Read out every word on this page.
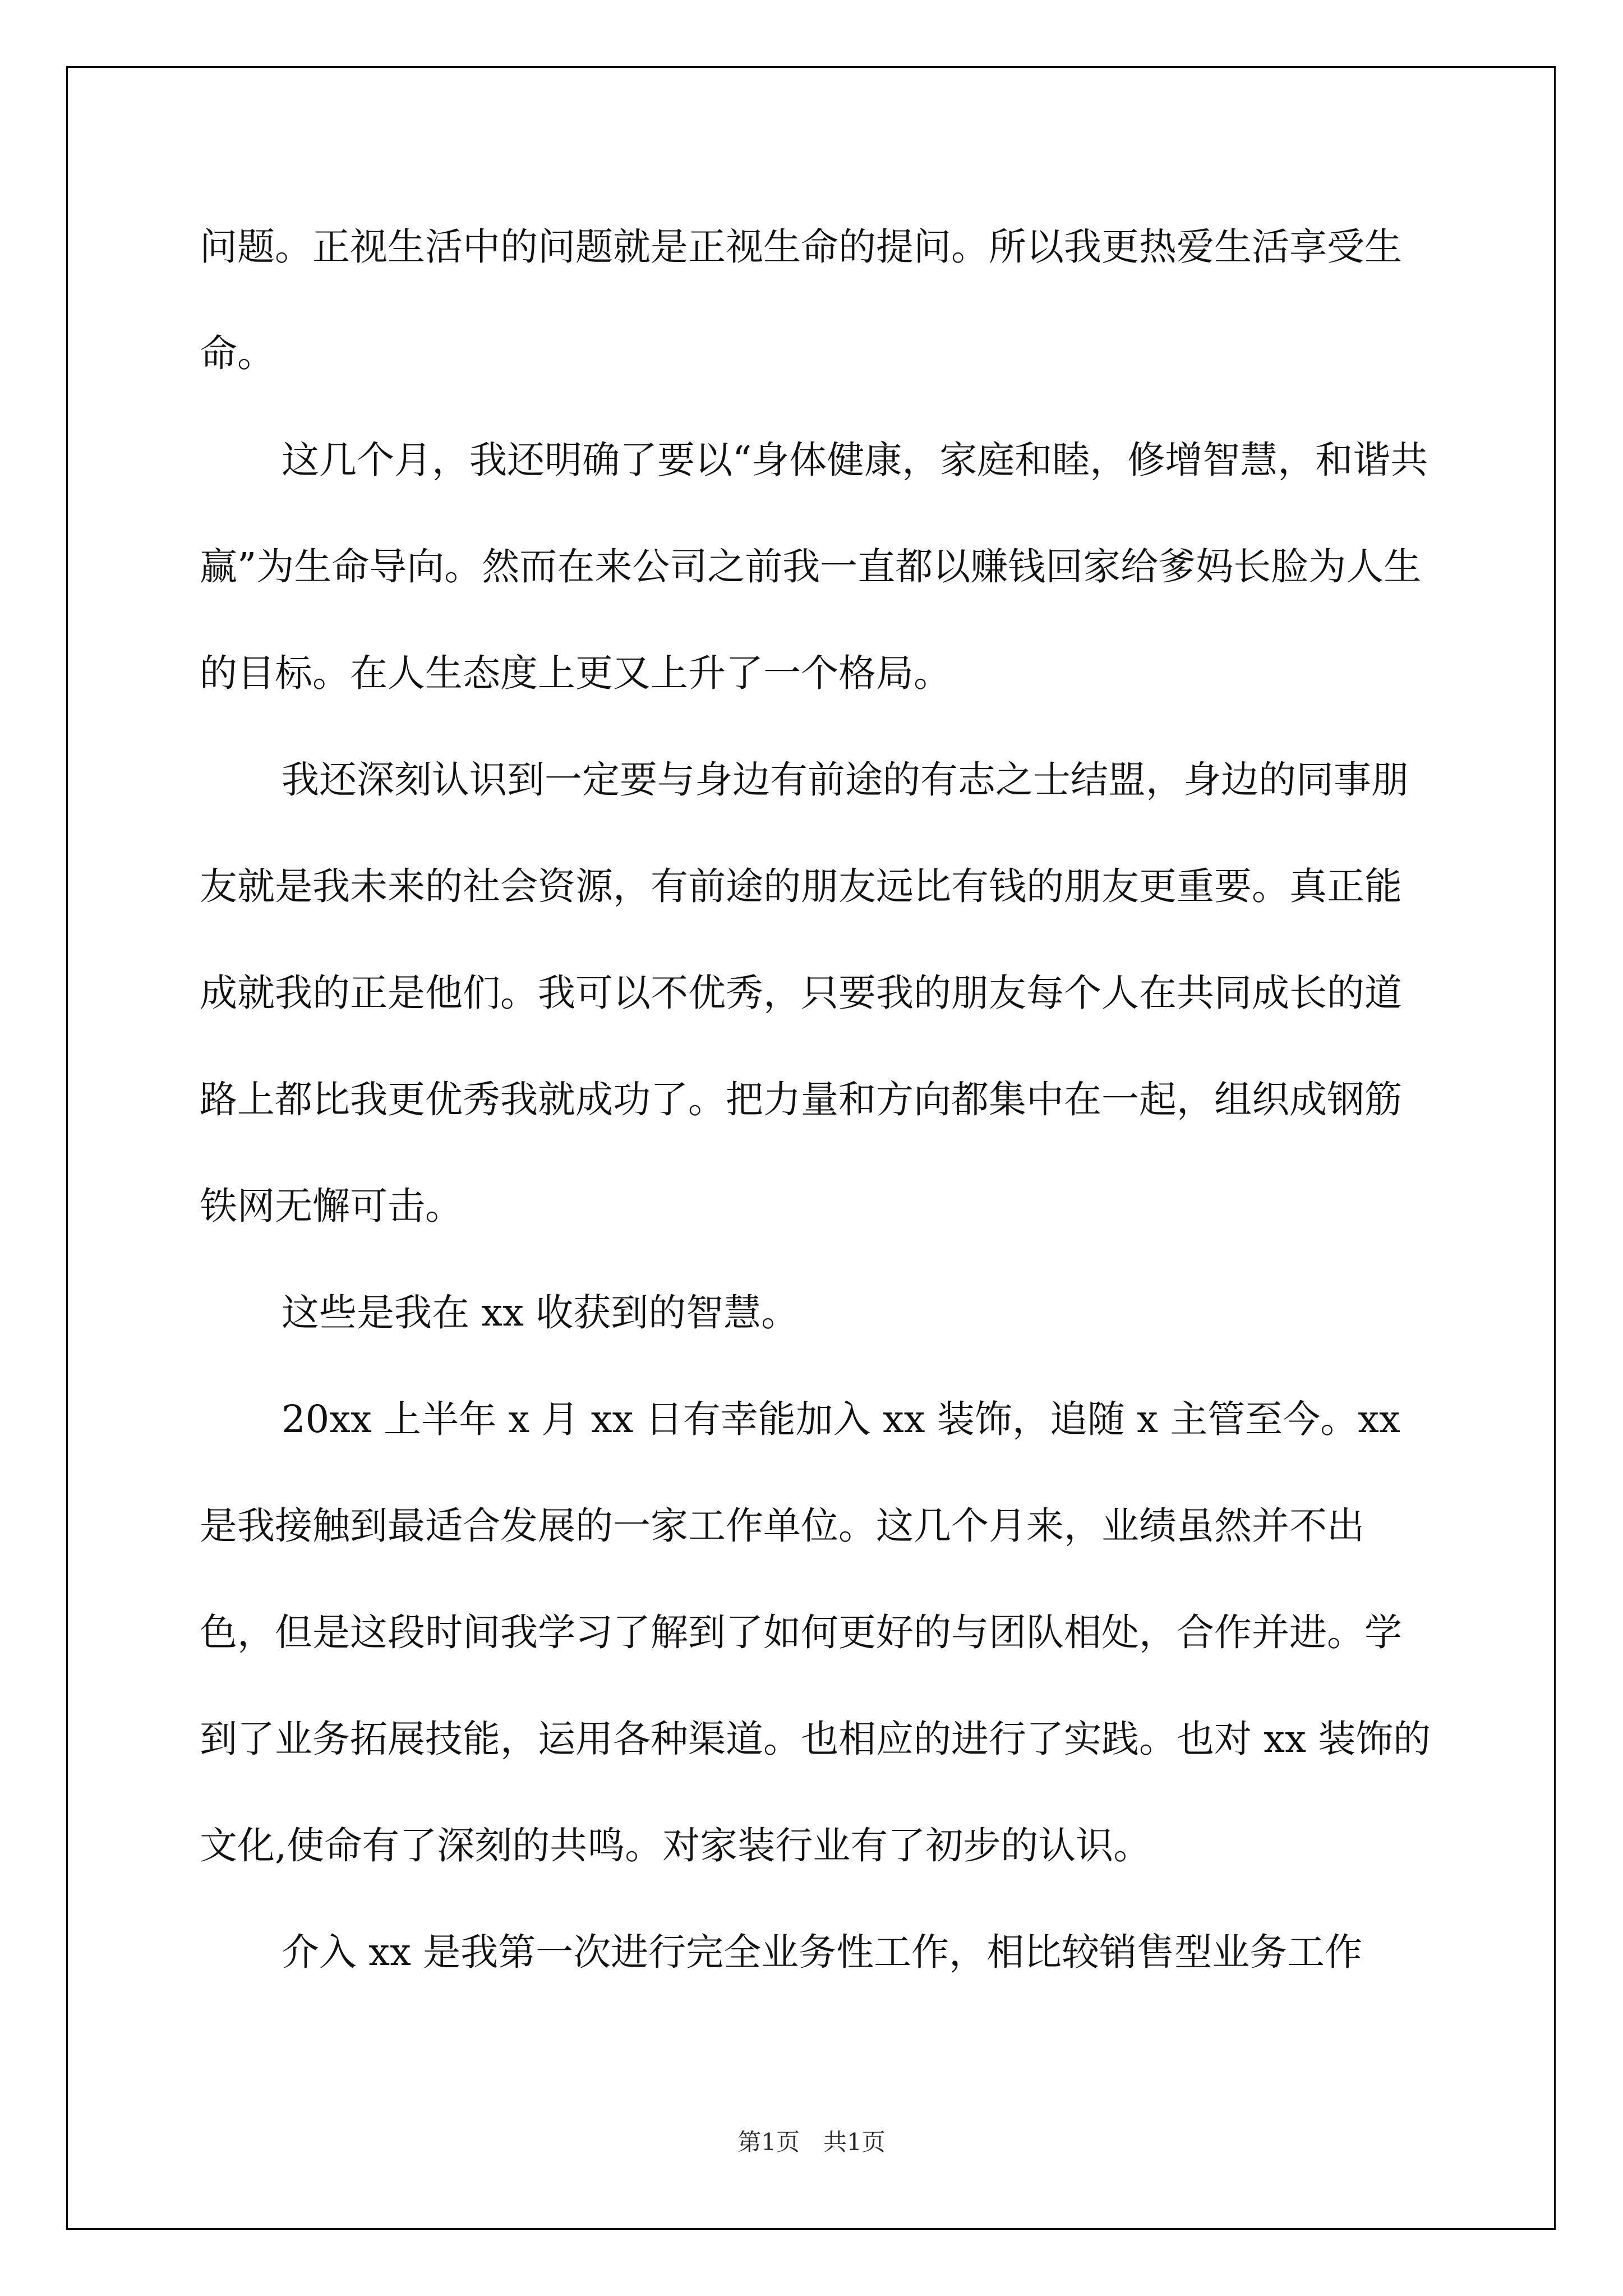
问题。正视生活中的问题就是正视生命的提问。所以我更热爱生活享受生命。

这几个月，我还明确了要以“身体健康，家庭和睦，修增智慧，和谐共赢”为生命导向。然而在来公司之前我一直都以赚钱回家给爹妈长脸为人生的目标。在人生态度上更又上升了一个格局。

我还深刻认识到一定要与身边有前途的有志之士结盟，身边的同事朋友就是我未来的社会资源，有前途的朋友远比有钱的朋友更重要。真正能成就我的正是他们。我可以不优秀，只要我的朋友每个人在共同成长的道路上都比我更优秀我就成功了。把力量和方向都集中在一起，组织成钢筋铁网无懈可击。

这些是我在 xx 收获到的智慧。

20xx 上半年 x 月 xx 日有幸能加入 xx 装饰，追随 x 主管至今。xx 是我接触到最适合发展的一家工作单位。这几个月来，业绩虽然并不出色，但是这段时间我学习了解到了如何更好的与团队相处，合作并进。学到了业务拓展技能，运用各种渠道。也相应的进行了实践。也对 xx 装饰的文化,使命有了深刻的共鸣。对家装行业有了初步的认识。

介入 xx 是我第一次进行完全业务性工作，相比较销售型业务工作

第1页　共1页
